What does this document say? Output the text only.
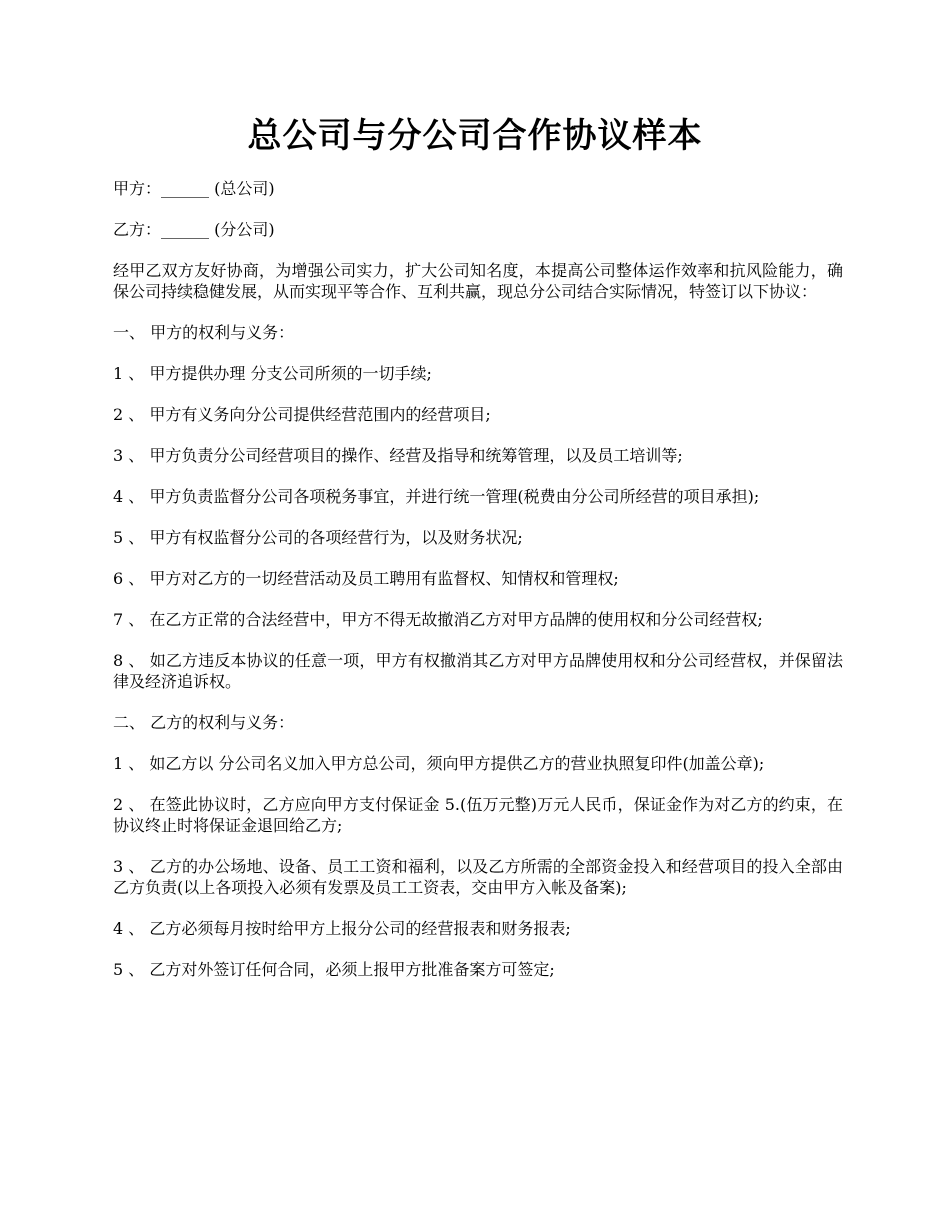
总公司与分公司合作协议样本

甲方：______ (总公司)

乙方：______ (分公司)

经甲乙双方友好协商，为增强公司实力，扩大公司知名度，本提高公司整体运作效率和抗风险能力，确保公司持续稳健发展，从而实现平等合作、互利共赢，现总分公司结合实际情况，特签订以下协议：

一、 甲方的权利与义务：

1 、 甲方提供办理 分支公司所须的一切手续;

2 、 甲方有义务向分公司提供经营范围内的经营项目;

3 、 甲方负责分公司经营项目的操作、经营及指导和统筹管理，以及员工培训等;

4 、 甲方负责监督分公司各项税务事宜，并进行统一管理(税费由分公司所经营的项目承担);

5 、 甲方有权监督分公司的各项经营行为，以及财务状况;

6 、 甲方对乙方的一切经营活动及员工聘用有监督权、知情权和管理权;

7 、 在乙方正常的合法经营中，甲方不得无故撤消乙方对甲方品牌的使用权和分公司经营权;

8 、 如乙方违反本协议的任意一项，甲方有权撤消其乙方对甲方品牌使用权和分公司经营权，并保留法律及经济追诉权。

二、 乙方的权利与义务：

1 、 如乙方以 分公司名义加入甲方总公司，须向甲方提供乙方的营业执照复印件(加盖公章);

2 、 在签此协议时，乙方应向甲方支付保证金 5.(伍万元整)万元人民币，保证金作为对乙方的约束，在协议终止时将保证金退回给乙方;

3 、 乙方的办公场地、设备、员工工资和福利，以及乙方所需的全部资金投入和经营项目的投入全部由乙方负责(以上各项投入必须有发票及员工工资表，交由甲方入帐及备案);

4 、 乙方必须每月按时给甲方上报分公司的经营报表和财务报表;

5 、 乙方对外签订任何合同，必须上报甲方批准备案方可签定;
